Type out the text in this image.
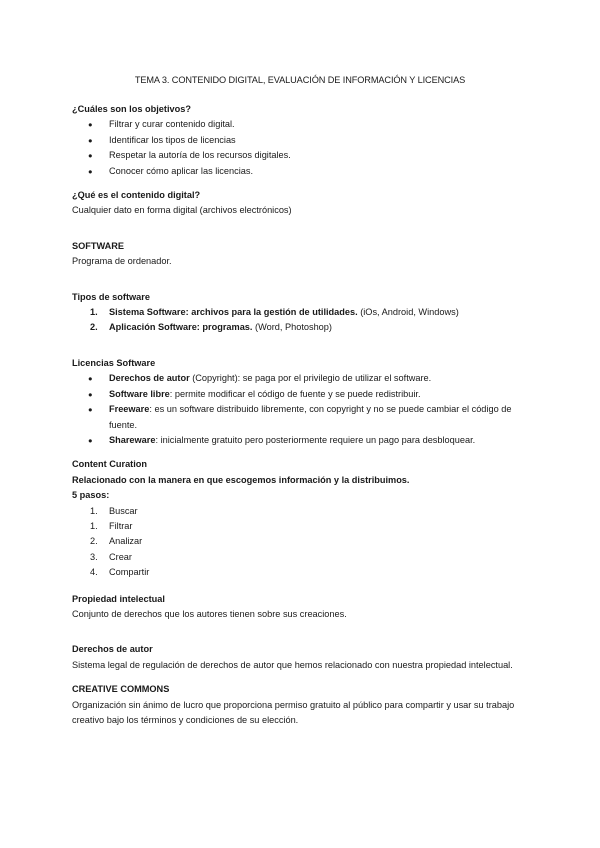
TEMA 3. CONTENIDO DIGITAL, EVALUACIÓN DE INFORMACIÓN Y LICENCIAS

¿Cuáles son los objetivos?

● Filtrar y curar contenido digital.
● Identificar los tipos de licencias
● Respetar la autoría de los recursos digitales.
● Conocer cómo aplicar las licencias.

¿Qué es el contenido digital?

Cualquier dato en forma digital (archivos electrónicos)

SOFTWARE

Programa de ordenador.

Tipos de software

1. Sistema Software: archivos para la gestión de utilidades. (iOs, Android, Windows)
2. Aplicación Software: programas. (Word, Photoshop)

Licencias Software

● Derechos de autor (Copyright): se paga por el privilegio de utilizar el software.
● Software libre: permite modificar el código de fuente y se puede redistribuir.
● Freeware: es un software distribuido libremente, con copyright y no se puede cambiar el código de fuente.
● Shareware: inicialmente gratuito pero posteriormente requiere un pago para desbloquear.

Content Curation

Relacionado con la manera en que escogemos información y la distribuimos.

5 pasos:

1. Buscar
1. Filtrar
2. Analizar
3. Crear
4. Compartir

Propiedad intelectual

Conjunto de derechos que los autores tienen sobre sus creaciones.

Derechos de autor

Sistema legal de regulación de derechos de autor que hemos relacionado con nuestra propiedad intelectual.

CREATIVE COMMONS

Organización sin ánimo de lucro que proporciona permiso gratuito al público para compartir y usar su trabajo creativo bajo los términos y condiciones de su elección.
